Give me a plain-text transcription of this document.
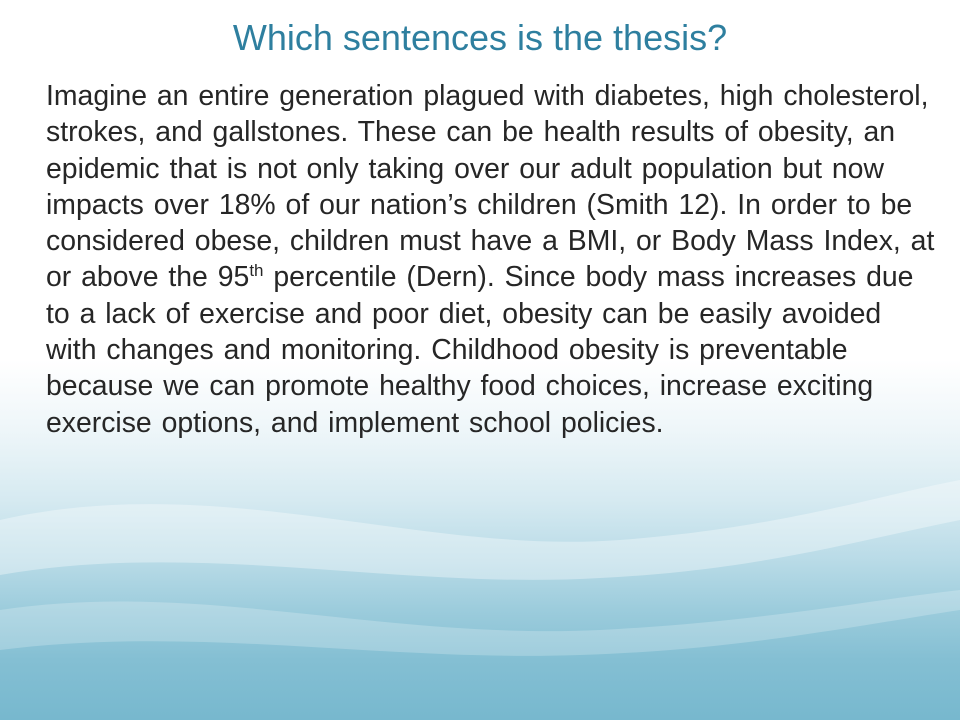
Which sentences is the thesis?

Imagine an entire generation plagued with diabetes, high cholesterol, strokes, and gallstones. These can be health results of obesity, an epidemic that is not only taking over our adult population but now impacts over 18% of our nation’s children (Smith 12). In order to be considered obese, children must have a BMI, or Body Mass Index, at or above the 95th percentile (Dern). Since body mass increases due to a lack of exercise and poor diet, obesity can be easily avoided with changes and monitoring. Childhood obesity is preventable because we can promote healthy food choices, increase exciting exercise options, and implement school policies.
